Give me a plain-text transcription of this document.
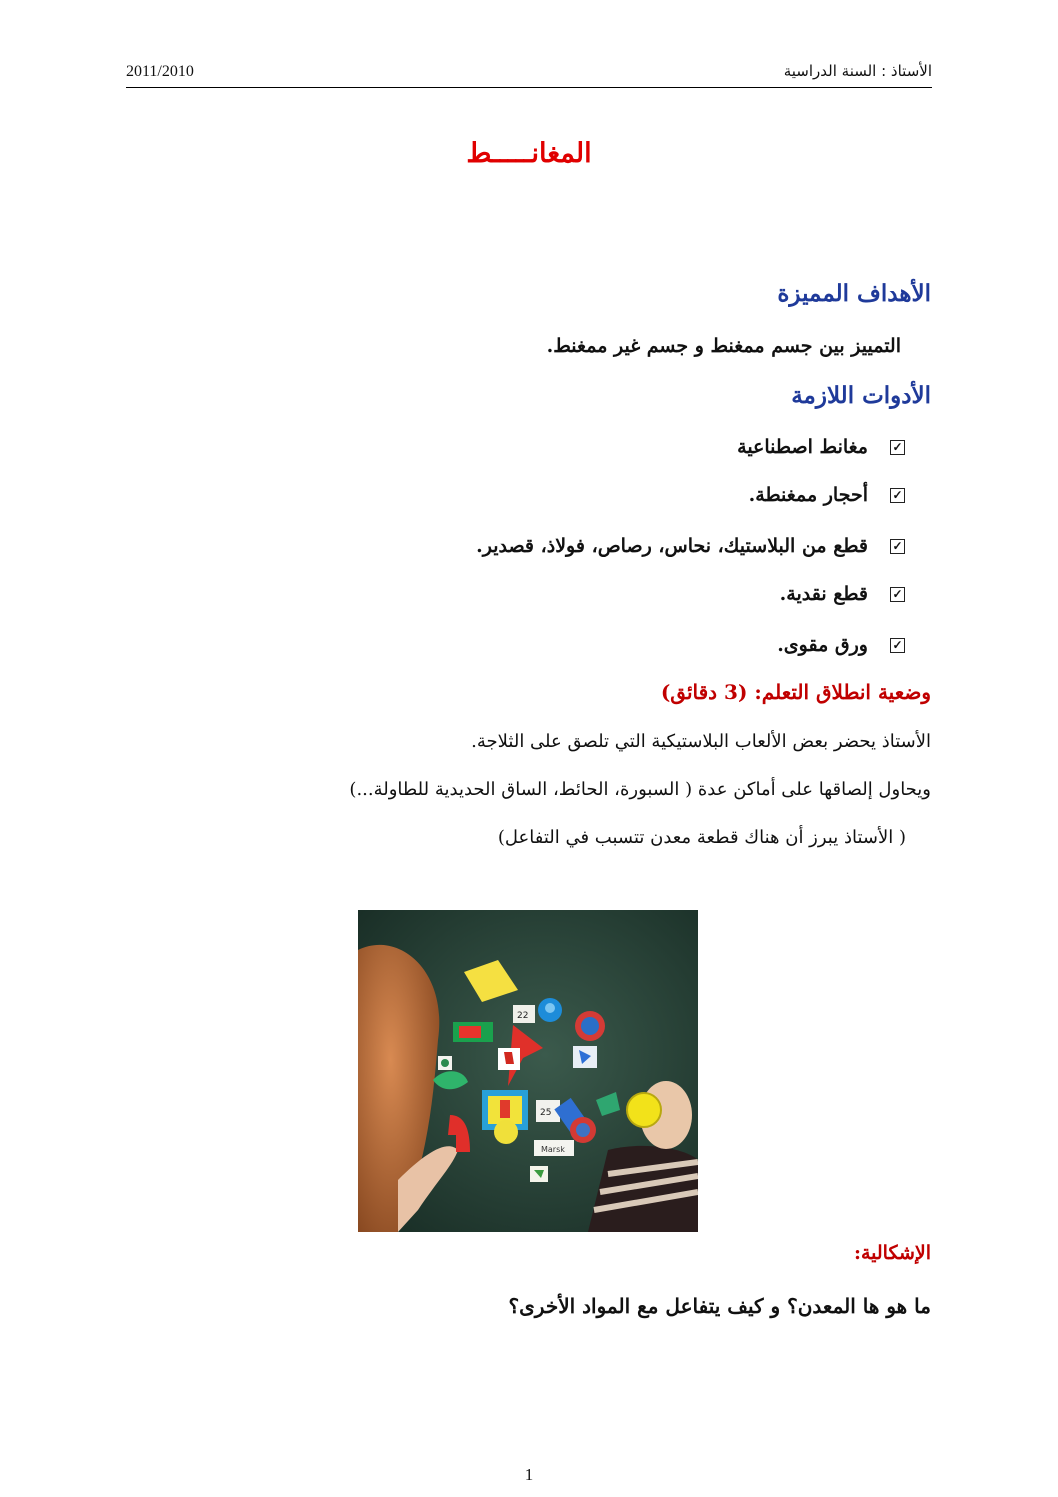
الأستاذ : السنة الدراسية
2011/2010
المغانـــــط
الأهداف المميزة
التمييز بين جسم ممغنط و جسم غير ممغنط.
الأدوات اللازمة
✓
مغانط اصطناعية
✓
أحجار ممغنطة.
✓
قطع من البلاستيك، نحاس، رصاص، فولاذ، قصدير.
✓
قطع نقدية.
✓
ورق مقوى.
وضعية انطلاق التعلم: (3 دقائق)
الأستاذ يحضر بعض الألعاب البلاستيكية التي تلصق على الثلاجة.
ويحاول إلصاقها على أماكن عدة ( السبورة، الحائط، الساق الحديدية للطاولة...)
( الأستاذ يبرز أن هناك قطعة معدن تتسبب في التفاعل)
22
25
Marsk
الإشكالية:
ما هو ها المعدن؟ و كيف يتفاعل مع المواد الأخرى؟
1
